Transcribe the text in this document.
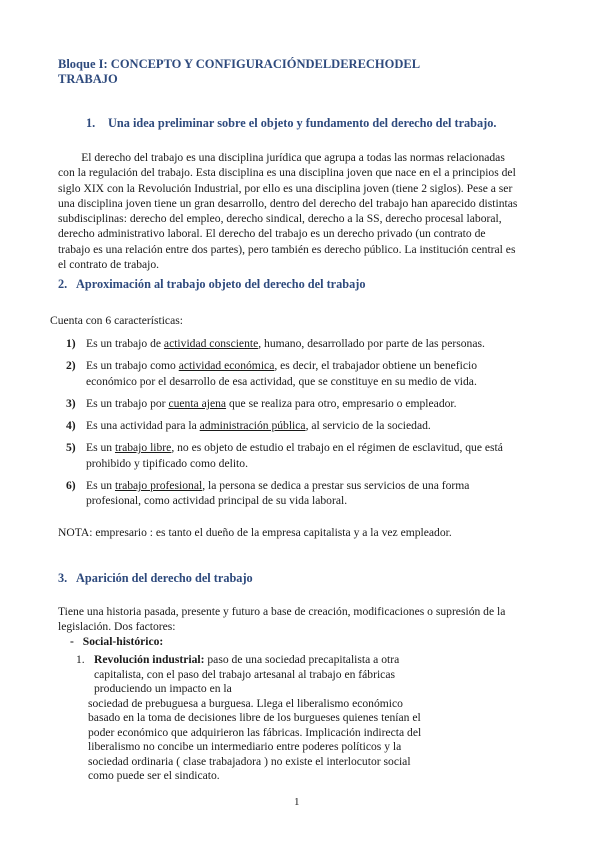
Bloque I: CONCEPTO Y CONFIGURACIÓNDELDERECHODEL
TRABAJO
1. Una idea preliminar sobre el objeto y fundamento del derecho del trabajo.
El derecho del trabajo es una disciplina jurídica que agrupa a todas las normas relacionadas
con la regulación del trabajo. Esta disciplina es una disciplina joven que nace en el a principios del
siglo XIX con la Revolución Industrial, por ello es una disciplina joven (tiene 2 siglos). Pese a ser
una disciplina joven tiene un gran desarrollo, dentro del derecho del trabajo han aparecido distintas
subdisciplinas: derecho del empleo, derecho sindical, derecho a la SS, derecho procesal laboral,
derecho administrativo laboral. El derecho del trabajo es un derecho privado (un contrato de
trabajo es una relación entre dos partes), pero también es derecho público. La institución central es
el contrato de trabajo.
2. Aproximación al trabajo objeto del derecho del trabajo
Cuenta con 6 características:
1) Es un trabajo de actividad consciente, humano, desarrollado por parte de las personas.
2) Es un trabajo como actividad económica, es decir, el trabajador obtiene un beneficio
económico por el desarrollo de esa actividad, que se constituye en su medio de vida.
3) Es un trabajo por cuenta ajena que se realiza para otro, empresario o empleador.
4) Es una actividad para la administración pública, al servicio de la sociedad.
5) Es un trabajo libre, no es objeto de estudio el trabajo en el régimen de esclavitud, que está
prohibido y tipificado como delito.
6) Es un trabajo profesional, la persona se dedica a prestar sus servicios de una forma
profesional, como actividad principal de su vida laboral.
NOTA: empresario : es tanto el dueño de la empresa capitalista y a la vez empleador.
3. Aparición del derecho del trabajo
Tiene una historia pasada, presente y futuro a base de creación, modificaciones o supresión de la
legislación. Dos factores:
- Social-histórico:
1. Revolución industrial: paso de una sociedad precapitalista a otra
capitalista, con el paso del trabajo artesanal al trabajo en fábricas
produciendo un impacto en la
sociedad de prebuguesa a burguesa. Llega el liberalismo económico
basado en la toma de decisiones libre de los burgueses quienes tenían el
poder económico que adquirieron las fábricas. Implicación indirecta del
liberalismo no concibe un intermediario entre poderes políticos y la
sociedad ordinaria ( clase trabajadora ) no existe el interlocutor social
como puede ser el sindicato.
1
